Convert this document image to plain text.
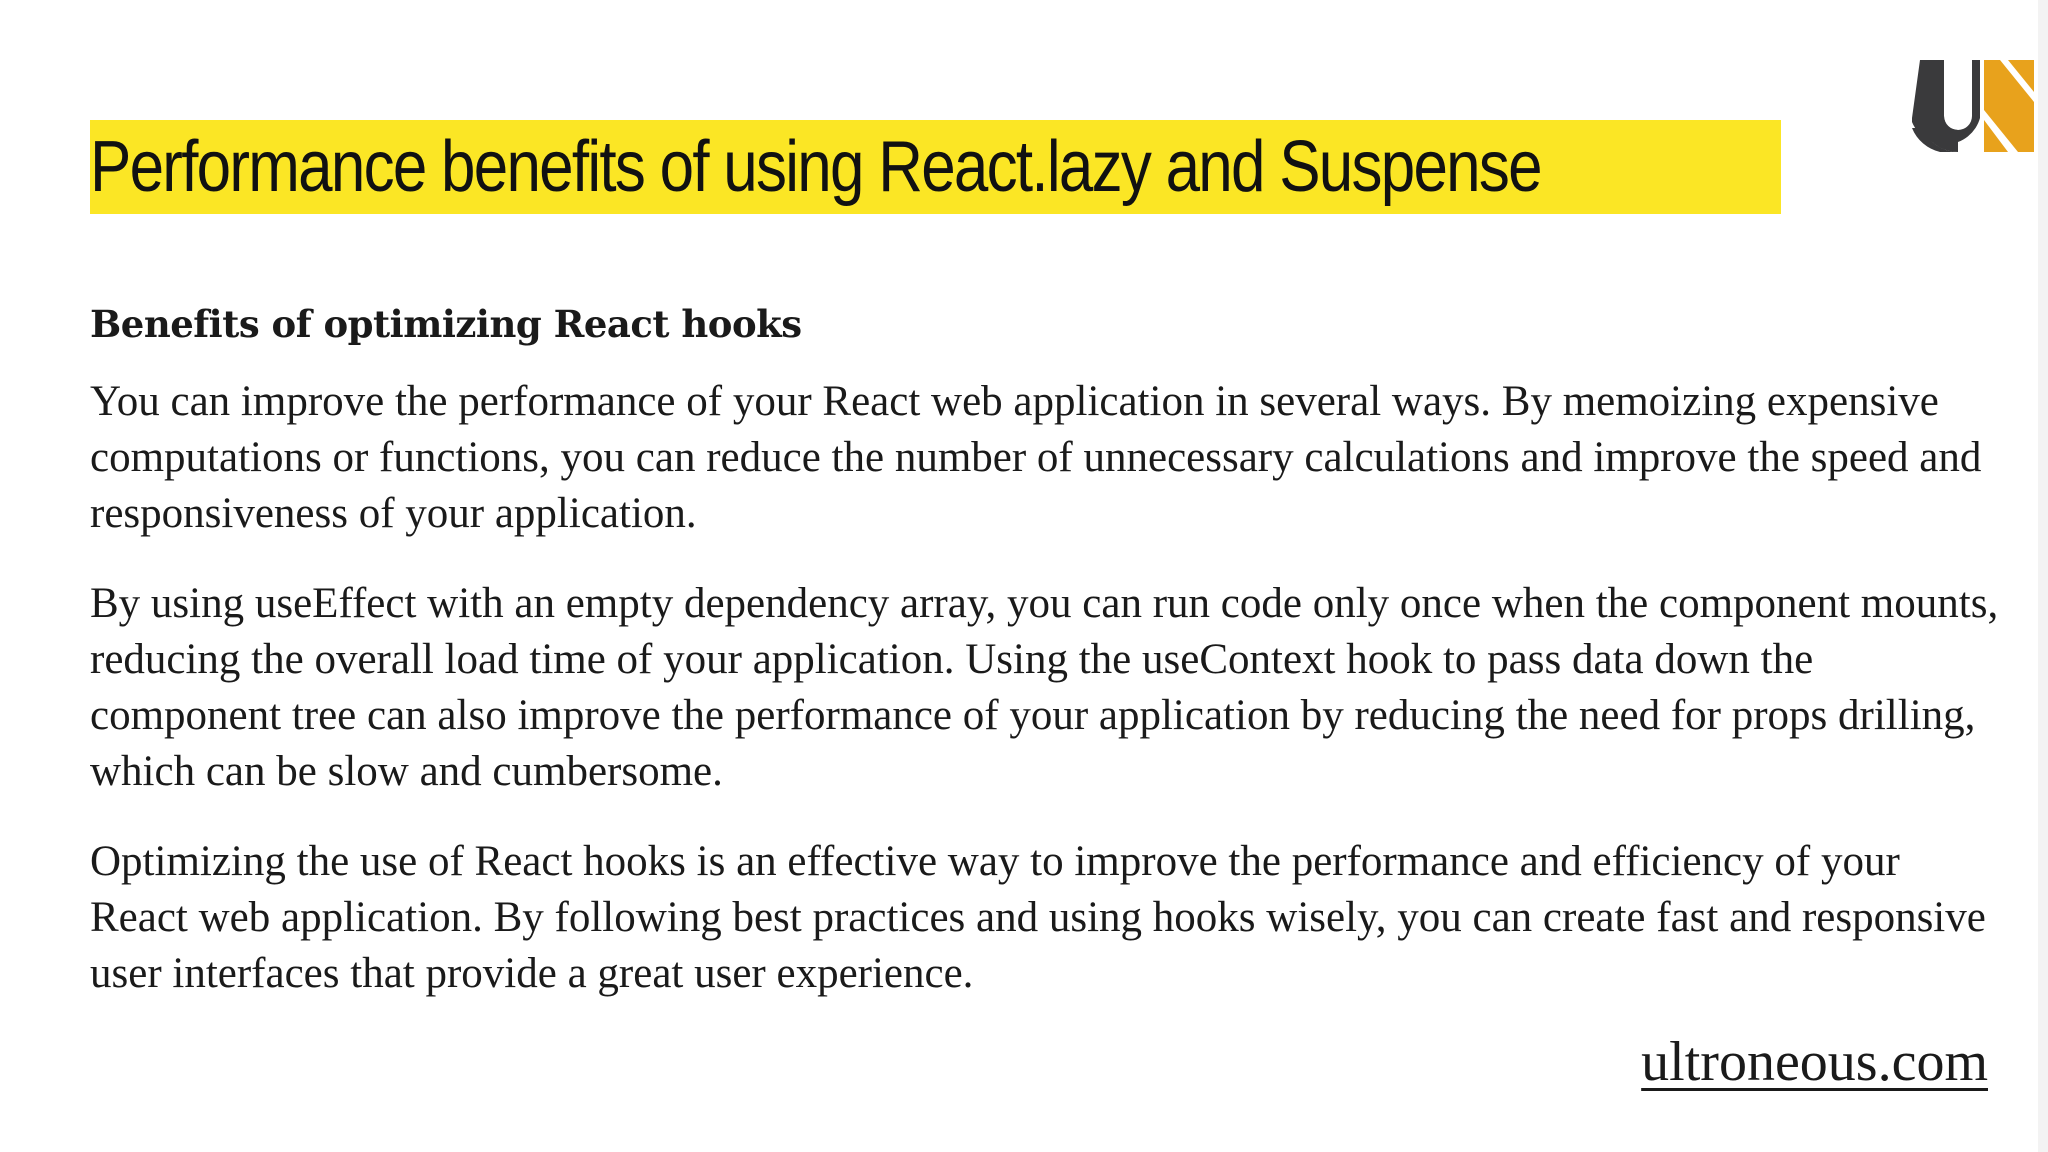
Performance benefits of using React.lazy and Suspense
Benefits of optimizing React hooks

You can improve the performance of your React web application in several ways. By memoizing expensive computations or functions, you can reduce the number of unnecessary calculations and improve the speed and responsiveness of your application.

By using useEffect with an empty dependency array, you can run code only once when the component mounts, reducing the overall load time of your application. Using the useContext hook to pass data down the component tree can also improve the performance of your application by reducing the need for props drilling, which can be slow and cumbersome.

Optimizing the use of React hooks is an effective way to improve the performance and efficiency of your React web application. By following best practices and using hooks wisely, you can create fast and responsive user interfaces that provide a great user experience.

ultroneous.com
